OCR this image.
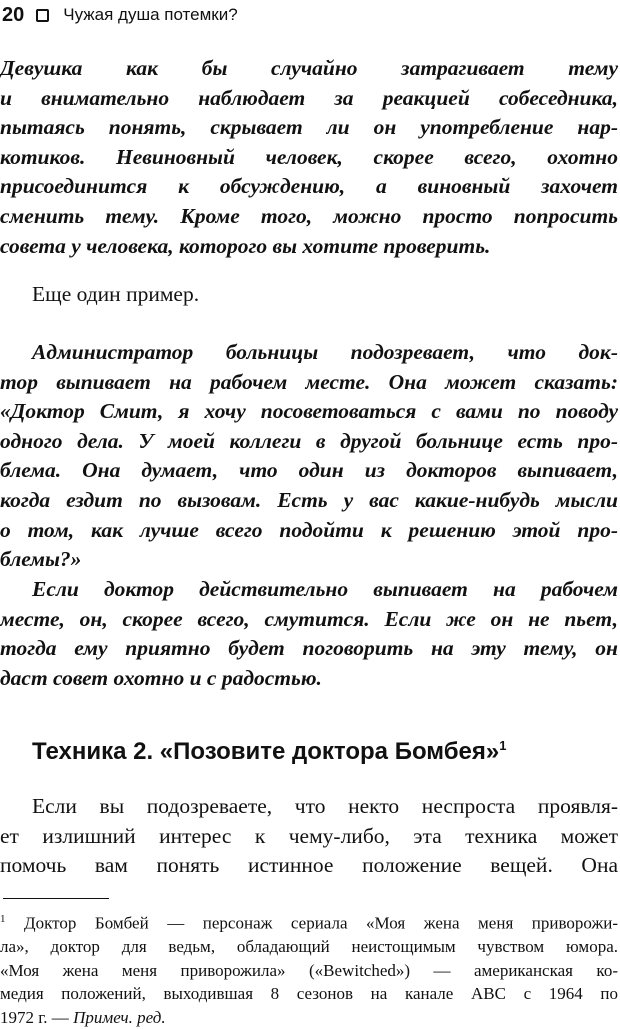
20 Чужая душа потемки?
Девушка как бы случайно затрагивает тему
и внимательно наблюдает за реакцией собеседника,
пытаясь понять, скрывает ли он употребление нар-
котиков. Невиновный человек, скорее всего, охотно
присоединится к обсуждению, а виновный захочет
сменить тему. Кроме того, можно просто попросить
совета у человека, которого вы хотите проверить.

Еще один пример.

Администратор больницы подозревает, что док-
тор выпивает на рабочем месте. Она может сказать:
«Доктор Смит, я хочу посоветоваться с вами по поводу
одного дела. У моей коллеги в другой больнице есть про-
блема. Она думает, что один из докторов выпивает,
когда ездит по вызовам. Есть у вас какие-нибудь мысли
о том, как лучше всего подойти к решению этой про-
блемы?»
Если доктор действительно выпивает на рабочем
месте, он, скорее всего, смутится. Если же он не пьет,
тогда ему приятно будет поговорить на эту тему, он
даст совет охотно и с радостью.
Техника 2. «Позовите доктора Бомбея»$^1$
Если вы подозреваете, что некто неспроста проявля-
ет излишний интерес к чему-либо, эта техника может
помочь вам понять истинное положение вещей. Она
$^1$ Доктор Бомбей — персонаж сериала «Моя жена меня приворожи-
ла», доктор для ведьм, обладающий неистощимым чувством юмора.
«Моя жена меня приворожила» («Bewitched») — американская ко-
медия положений, выходившая 8 сезонов на канале ABC с 1964 по
1972 г. — Примеч. ред.
